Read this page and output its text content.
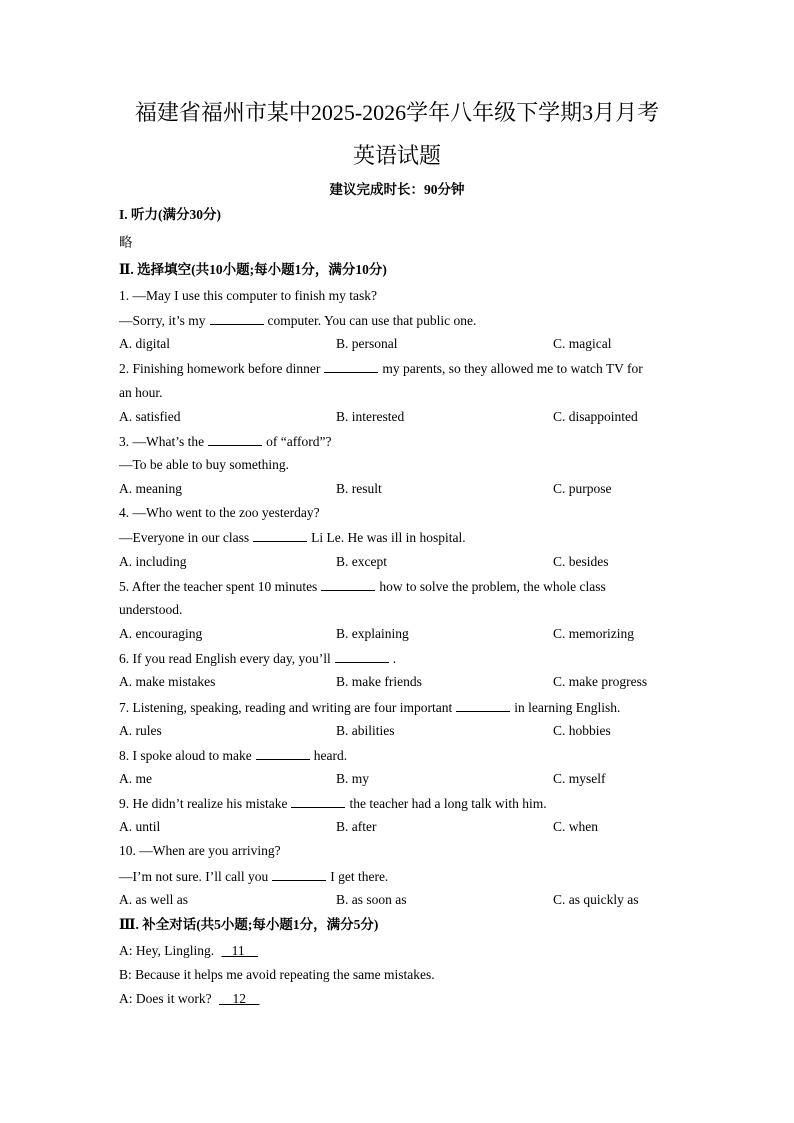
福建省福州市某中2025-2026学年八年级下学期3月月考
英语试题
建议完成时长：90分钟
I. 听力(满分30分)
略
Ⅱ. 选择填空(共10小题;每小题1分，满分10分)
1. —May I use this computer to finish my task?
—Sorry, it’s my	computer. You can use that public one.
A. digital	B. personal	C. magical
2. Finishing homework before dinner	my parents, so they allowed me to watch TV for
an hour.
A. satisfied	B. interested	C. disappointed
3. —What’s the	of “afford”?
—To be able to buy something.
A. meaning	B. result	C. purpose
4. —Who went to the zoo yesterday?
—Everyone in our class	Li Le. He was ill in hospital.
A. including	B. except	C. besides
5. After the teacher spent 10 minutes	how to solve the problem, the whole class
understood.
A. encouraging	B. explaining	C. memorizing
6. If you read English every day, you’ll	.
A. make mistakes	B. make friends	C. make progress
7. Listening, speaking, reading and writing are four important	in learning English.
A. rules	B. abilities	C. hobbies
8. I spoke aloud to make	heard.
A. me	B. my	C. myself
9. He didn’t realize his mistake	the teacher had a long talk with him.
A. until	B. after	C. when
10. —When are you arriving?
—I’m not sure. I’ll call you	I get there.
A. as well as	B. as soon as	C. as quickly as
Ⅲ. 补全对话(共5小题;每小题1分，满分5分)
A: Hey, Lingling. 11
B: Because it helps me avoid repeating the same mistakes.
A: Does it work? 12
